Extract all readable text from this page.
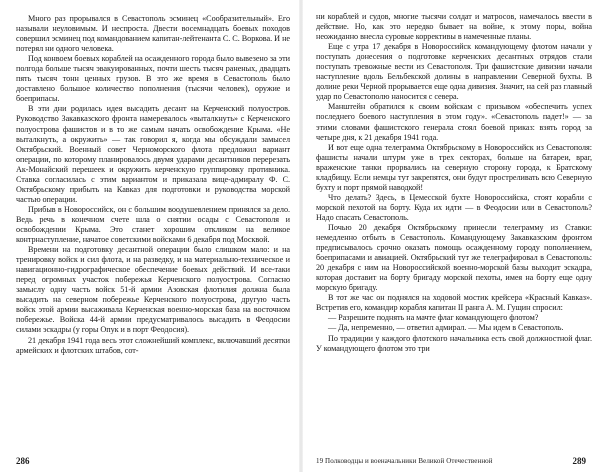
Много раз прорывался в Севастополь эсминец «Сообразительный». Его называли неуловимым. И неспроста. Двести восемнадцать боевых походов совершил эсминец под командованием капитан-лейтенанта С. С. Воркова. И не потерял ни одного человека.

Под конвоем боевых кораблей на осажденного города было вывезено за эти полгода больше тысяч эвакуированных, почти шесть тысяч раненых, двадцать пять тысяч тонн ценных грузов. В это же время в Севастополь было доставлено большое количество пополнения (тысячи человек), оружие и боеприпасы.

В эти дни родилась идея высадить десант на Керченский полуостров. Руководство Закавказского фронта намеревалось «выталкнуть» с Керченского полуострова фашистов и в то же самым начать освобождение Крыма. «Не выталкнуть, а окружить» — так говорил я, когда мы обсуждали замысел Октябрьский. Военный совет Черноморского флота предложил вариант операции, по которому планировалось двумя ударами десантников перерезать Ак-Монайский перешеек и окружить керченскую группировку противника. Ставка согласилась с этим вариантом и приказала вице-адмиралу Ф. С. Октябрьскому прибыть на Кавказ для подготовки и руководства морской частью операции.

Прибыв в Новороссийск, он с большим воодушевлением принялся за дело. Ведь речь в конечном счете шла о снятии осады с Севастополя и освобождении Крыма. Это станет хорошим откликом на великое контрнаступление, начатое советскими войсками 6 декабря под Москвой.

Времени на подготовку десантной операции было слишком мало: и на тренировку войск и сил флота, и на разведку, и на материально-техническое и навигационно-гидрографическое обеспечение боевых действий. И все-таки перед огромных участок побережья Керченского полуострова. Согласно замыслу одну часть войск 51-й армии Азовская флотилия должна была высадить на северном побережье Керченского полуострова, другую часть войск этой армии высаживала Керченская военно-морская база на восточном побережье. Войска 44-й армии предусматривалось высадить в Феодосии силами эскадры (у горы Опук и в порт Феодосия).

21 декабря 1941 года весь этот сложнейший комплекс, включавший десятки армейских и флотских штабов, сот-

286

ни кораблей и судов, многие тысячи солдат и матросов, намечалось ввести в действие. Но, как это нередко бывает на войне, к этому поры, война неожиданно внесла суровые коррективы в намеченные планы.

Еще с утра 17 декабря в Новороссийск командующему флотом начали у поступать донесения о подготовке керченских десантных отрядов стали поступать тревожные вести из Севастополя. Три фашистские дивизии начали наступление вдоль Бельбекской долины в направлении Северной бухты. В долине реки Черной прорывается еще одна дивизия. Значит, на сей раз главный удар по Севастополю наносится с севера.

Манштейн обратился к своим войскам с призывом «обеспечить успех последнего боевого наступления в этом году». «Севастополь падет!» — за этими словами фашистского генерала стоял боевой приказ: взять город за четыре дня, к 21 декабря 1941 года.

И вот еще одна телеграмма Октябрьскому в Новороссийск из Севастополя: фашисты начали штурм уже в трех секторах, больше на батареи, враг, враженские танки прорвались на северную сторону города, к Братскому кладбищу. Если немцы тут закрепятся, они будут простреливать всю Северную бухту и порт прямой наводкой!

Что делать? Здесь, в Цемесской бухте Новороссийска, стоят корабли с морской пехотой на борту. Куда их идти — в Феодосии или в Севастополь? Надо спасать Севастополь.

Почью 20 декабря Октябрьскому принесли телеграмму из Ставки: немедленно отбыть в Севастополь. Командующему Закавказским фронтом предписывалось срочно оказать помощь осажденному городу пополнением, боеприпасами и авиацией. Октябрьский тут же телеграфировал в Севастополь: 20 декабря с ним на Новороссийской военно-морской базы выходит эскадра, которая доставит на борту бригаду морской пехоты, имея на борту еще одну морскую бригаду.

В тот же час он поднялся на ходовой мостик крейсера «Красный Кавказ». Встретив его, командир корабля капитан II ранга А. М. Гущин спросил:

— Разрешите поднять на мачте флаг командующего флотом?

— Да, непременно, — ответил адмирал. — Мы идем в Севастополь.

По традиции у каждого флотского начальника есть свой должностной флаг. У командующего флотом это три

19 Полководцы и военачальники Великой Отечественной	289
